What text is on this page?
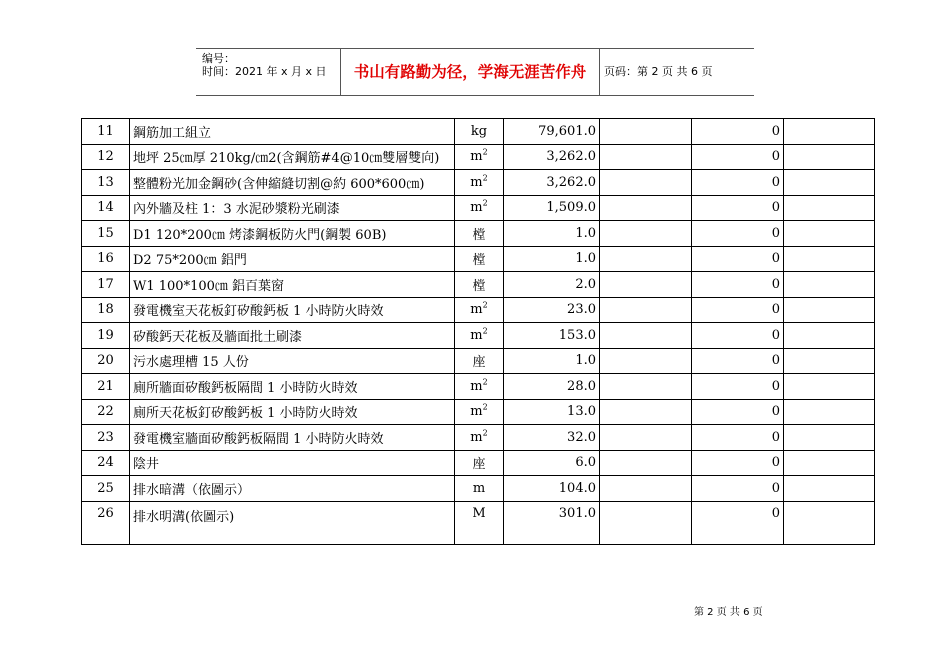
编号：
时间：2021 年 x 月 x 日	书山有路勤为径，学海无涯苦作舟	页码：第 2 页 共 6 页
11	鋼筋加工組立	kg	79,601.0		0	
12	地坪 25㎝厚 210kg/㎝2(含鋼筋#4@10㎝雙層雙向)	$m^2$	3,262.0		0	
13	整體粉光加金鋼砂(含伸縮縫切割@約 600*600㎝)	$m^2$	3,262.0		0	
14	內外牆及柱 1：3 水泥砂漿粉光刷漆	$m^2$	1,509.0		0	
15	D1 120*200㎝ 烤漆鋼板防火門(鋼製 60B)	樘	1.0		0	
16	D2 75*200㎝ 鋁門	樘	1.0		0	
17	W1 100*100㎝ 鋁百葉窗	樘	2.0		0	
18	發電機室天花板釘矽酸鈣板 1 小時防火時效	$m^2$	23.0		0	
19	矽酸鈣天花板及牆面批土刷漆	$m^2$	153.0		0	
20	污水處理槽 15 人份	座	1.0		0	
21	廁所牆面矽酸鈣板隔間 1 小時防火時效	$m^2$	28.0		0	
22	廁所天花板釘矽酸鈣板 1 小時防火時效	$m^2$	13.0		0	
23	發電機室牆面矽酸鈣板隔間 1 小時防火時效	$m^2$	32.0		0	
24	陰井	座	6.0		0	
25	排水暗溝（依圖示）	m	104.0		0	
26	排水明溝(依圖示)	M	301.0		0	
第 2 页 共 6 页
